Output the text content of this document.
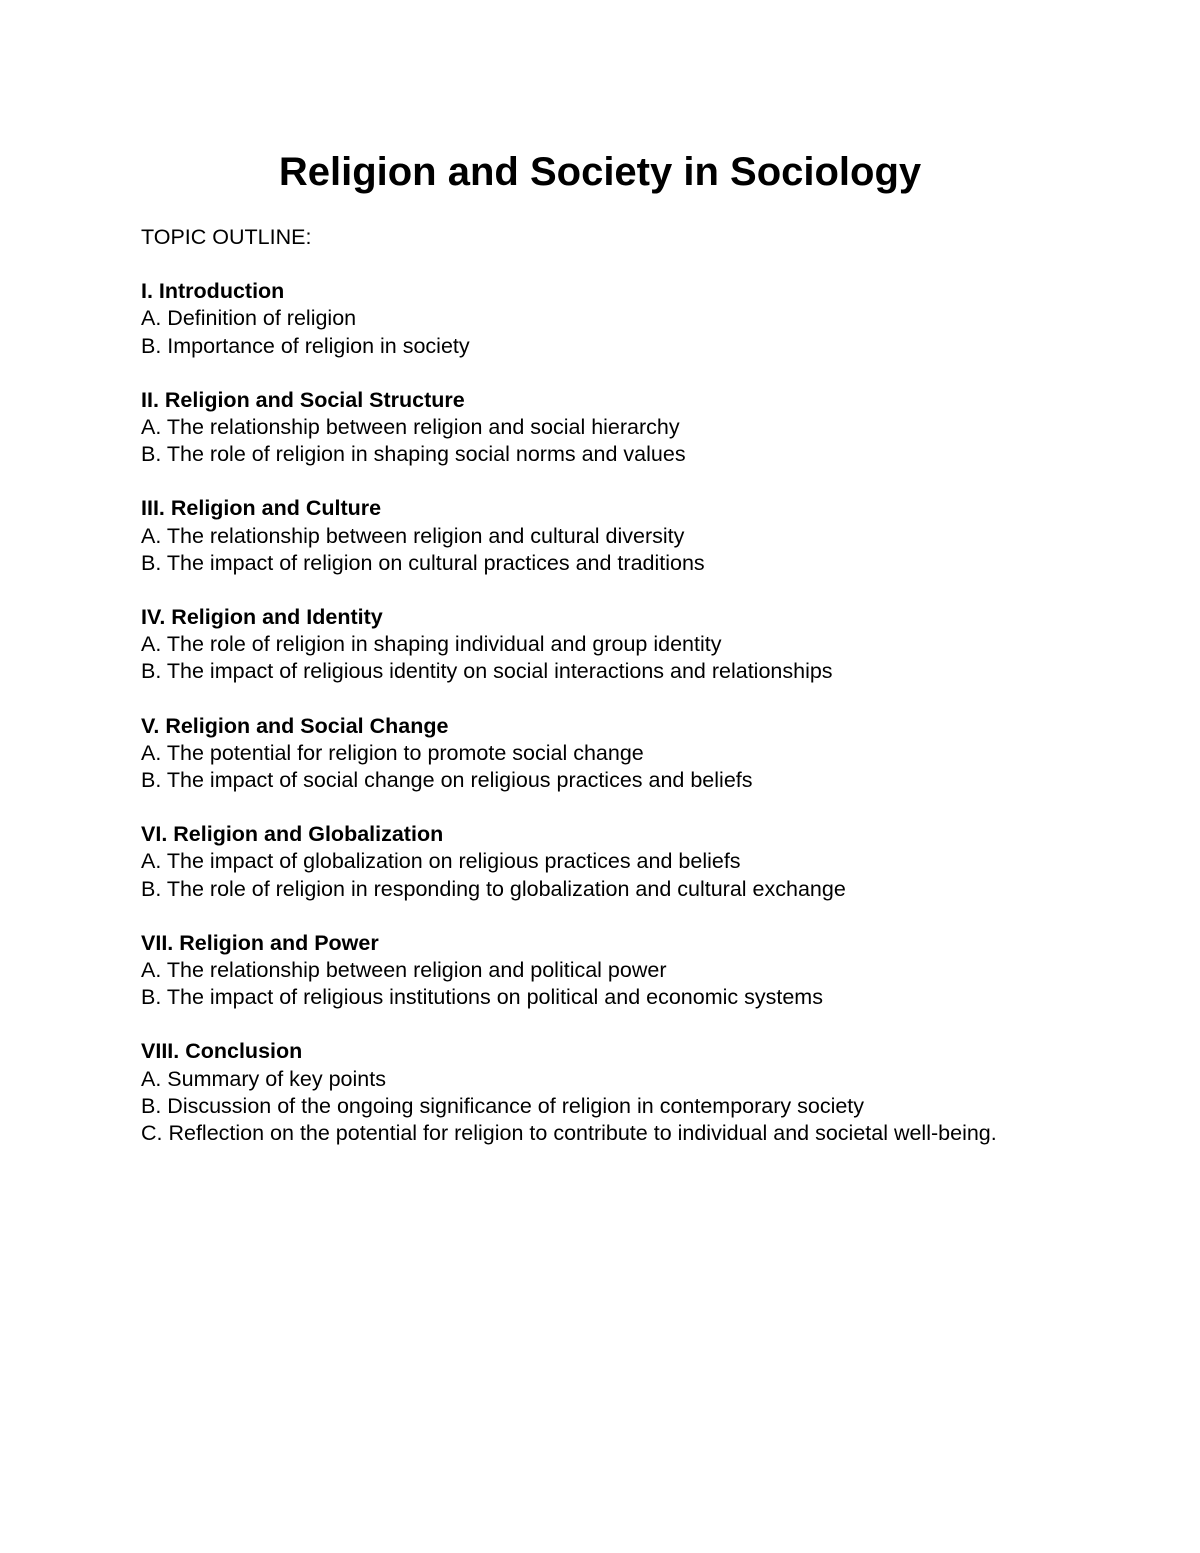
Religion and Society in Sociology

TOPIC OUTLINE:

I. Introduction

A. Definition of religion

B. Importance of religion in society

II. Religion and Social Structure

A. The relationship between religion and social hierarchy

B. The role of religion in shaping social norms and values

III. Religion and Culture

A. The relationship between religion and cultural diversity

B. The impact of religion on cultural practices and traditions

IV. Religion and Identity

A. The role of religion in shaping individual and group identity

B. The impact of religious identity on social interactions and relationships

V. Religion and Social Change

A. The potential for religion to promote social change

B. The impact of social change on religious practices and beliefs

VI. Religion and Globalization

A. The impact of globalization on religious practices and beliefs

B. The role of religion in responding to globalization and cultural exchange

VII. Religion and Power

A. The relationship between religion and political power

B. The impact of religious institutions on political and economic systems

VIII. Conclusion

A. Summary of key points

B. Discussion of the ongoing significance of religion in contemporary society

C. Reflection on the potential for religion to contribute to individual and societal well-being.
